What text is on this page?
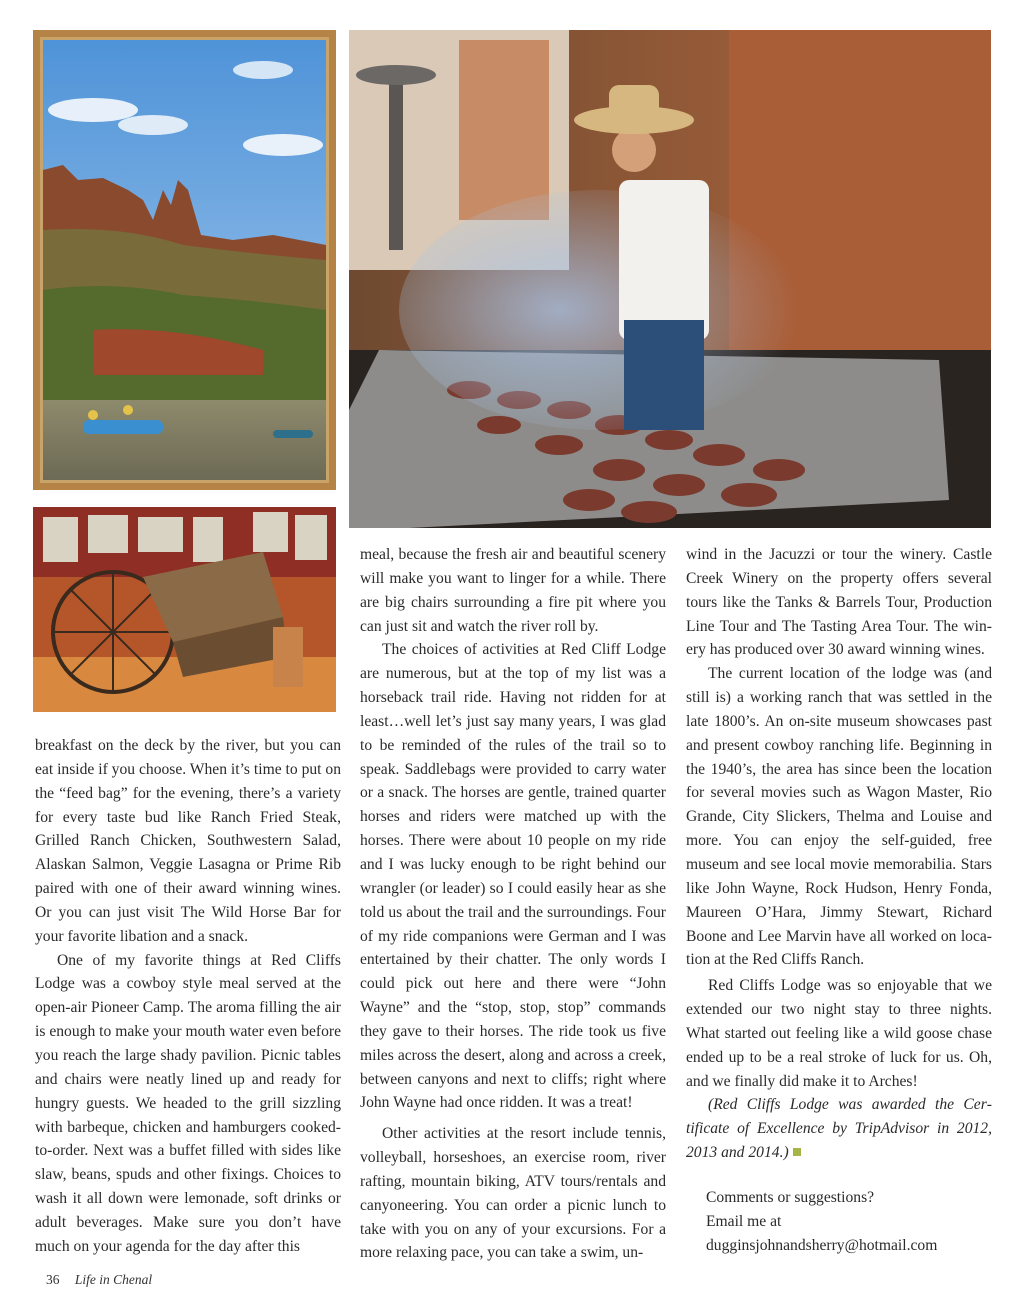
breakfast on the deck by the river, but you can eat inside if you choose. When it’s time to put on the “feed bag” for the evening, there’s a variety for every taste bud like Ranch Fried Steak, Grilled Ranch Chicken, Southwestern Salad, Alaskan Salmon, Veggie Lasagna or Prime Rib paired with one of their award winning wines. Or you can just visit The Wild Horse Bar for your favorite libation and a snack.

One of my favorite things at Red Cliffs Lodge was a cowboy style meal served at the open-air Pioneer Camp. The aroma filling the air is enough to make your mouth water even before you reach the large shady pavilion. Picnic tables and chairs were neatly lined up and ready for hungry guests. We headed to the grill sizzling with barbeque, chicken and hamburgers cooked-to-order. Next was a buffet filled with sides like slaw, beans, spuds and other fixings. Choices to wash it all down were lemonade, soft drinks or adult beverages. Make sure you don’t have much on your agenda for the day after this

meal, because the fresh air and beautiful scenery will make you want to linger for a while. There are big chairs surrounding a fire pit where you can just sit and watch the river roll by.

The choices of activities at Red Cliff Lodge are numerous, but at the top of my list was a horseback trail ride. Having not ridden for at least…well let’s just say many years, I was glad to be reminded of the rules of the trail so to speak. Saddlebags were provided to carry water or a snack. The horses are gentle, trained quarter horses and riders were matched up with the horses. There were about 10 people on my ride and I was lucky enough to be right behind our wrangler (or leader) so I could easily hear as she told us about the trail and the surroundings. Four of my ride companions were German and I was entertained by their chatter. The only words I could pick out here and there were “John Wayne” and the “stop, stop, stop” commands they gave to their horses. The ride took us five miles across the desert, along and across a creek, between canyons and next to cliffs; right where John Wayne had once ridden. It was a treat!

Other activities at the resort include tennis, volleyball, horseshoes, an exercise room, river rafting, mountain biking, ATV tours/rentals and canyoneering. You can order a picnic lunch to take with you on any of your excursions. For a more relaxing pace, you can take a swim, un-

wind in the Jacuzzi or tour the winery. Castle Creek Winery on the property offers several tours like the Tanks & Barrels Tour, Production Line Tour and The Tasting Area Tour. The winery has produced over 30 award winning wines.

The current location of the lodge was (and still is) a working ranch that was settled in the late 1800’s. An on-site museum showcases past and present cowboy ranching life. Beginning in the 1940’s, the area has since been the location for several movies such as Wagon Master, Rio Grande, City Slickers, Thelma and Louise and more. You can enjoy the self-guided, free museum and see local movie memorabilia. Stars like John Wayne, Rock Hudson, Henry Fonda, Maureen O’Hara, Jimmy Stewart, Richard Boone and Lee Marvin have all worked on location at the Red Cliffs Ranch.

Red Cliffs Lodge was so enjoyable that we extended our two night stay to three nights. What started out feeling like a wild goose chase ended up to be a real stroke of luck for us. Oh, and we finally did make it to Arches!

(Red Cliffs Lodge was awarded the Certificate of Excellence by TripAdvisor in 2012, 2013 and 2014.)

Comments or suggestions?
Email me at
dugginsjohnandsherry@hotmail.com
36 Life in Chenal
